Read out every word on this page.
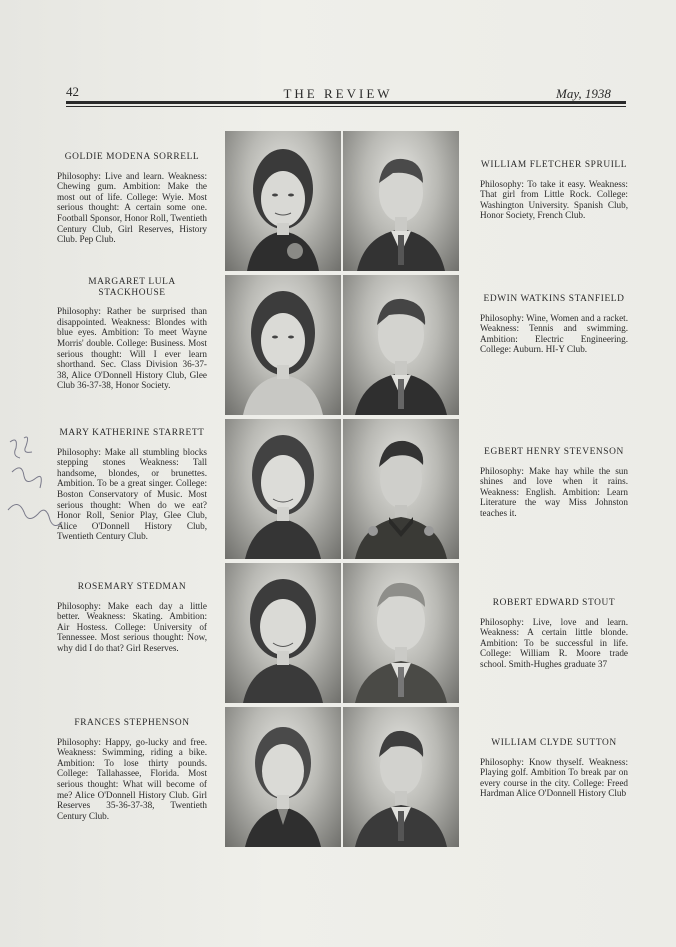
42	THE REVIEW	May, 1938
GOLDIE MODENA SORRELL
Philosophy: Live and learn. Weakness: Chewing gum. Ambition: Make the most out of life. College: Wyie. Most serious thought: A certain some one. Football Sponsor, Honor Roll, Twentieth Century Club, Girl Reserves, History Club. Pep Club.
MARGARET LULA STACKHOUSE
Philosophy: Rather be surprised than disappointed. Weakness: Blondes with blue eyes. Ambition: To meet Wayne Morris' double. College: Business. Most serious thought: Will I ever learn shorthand. Sec. Class Division 36-37-38, Alice O'Donnell History Club, Glee Club 36-37-38, Honor Society.
MARY KATHERINE STARRETT
Philosophy: Make all stumbling blocks stepping stones Weakness: Tall handsome, blondes, or brunettes. Ambition. To be a great singer. College: Boston Conservatory of Music. Most serious thought: When do we eat? Honor Roll, Senior Play, Glee Club, Alice O'Donnell History Club, Twentieth Century Club.
ROSEMARY STEDMAN
Philosophy: Make each day a little better. Weakness: Skating. Ambition: Air Hostess. College: University of Tennessee. Most serious thought: Now, why did I do that? Girl Reserves.
FRANCES STEPHENSON
Philosophy: Happy, go-lucky and free. Weakness: Swimming, riding a bike. Ambition: To lose thirty pounds. College: Tallahassee, Florida. Most serious thought: What will become of me? Alice O'Donnell History Club. Girl Reserves 35-36-37-38, Twentieth Century Club.
WILLIAM FLETCHER SPRUILL
Philosophy: To take it easy. Weakness: That girl from Little Rock. College: Washington University. Spanish Club, Honor Society, French Club.
EDWIN WATKINS STANFIELD
Philosophy: Wine, Women and a racket. Weakness: Tennis and swimming. Ambition: Electric Engineering. College: Auburn. HI-Y Club.
EGBERT HENRY STEVENSON
Philosophy: Make hay while the sun shines and love when it rains. Weakness: English. Ambition: Learn Literature the way Miss Johnston teaches it.
ROBERT EDWARD STOUT
Philosophy: Live, love and learn. Weakness: A certain little blonde. Ambition: To be successful in life. College: William R. Moore trade school. Smith-Hughes graduate 37
WILLIAM CLYDE SUTTON
Philosophy: Know thyself. Weakness: Playing golf. Ambition To break par on every course in the city. College: Freed Hardman Alice O'Donnell History Club
